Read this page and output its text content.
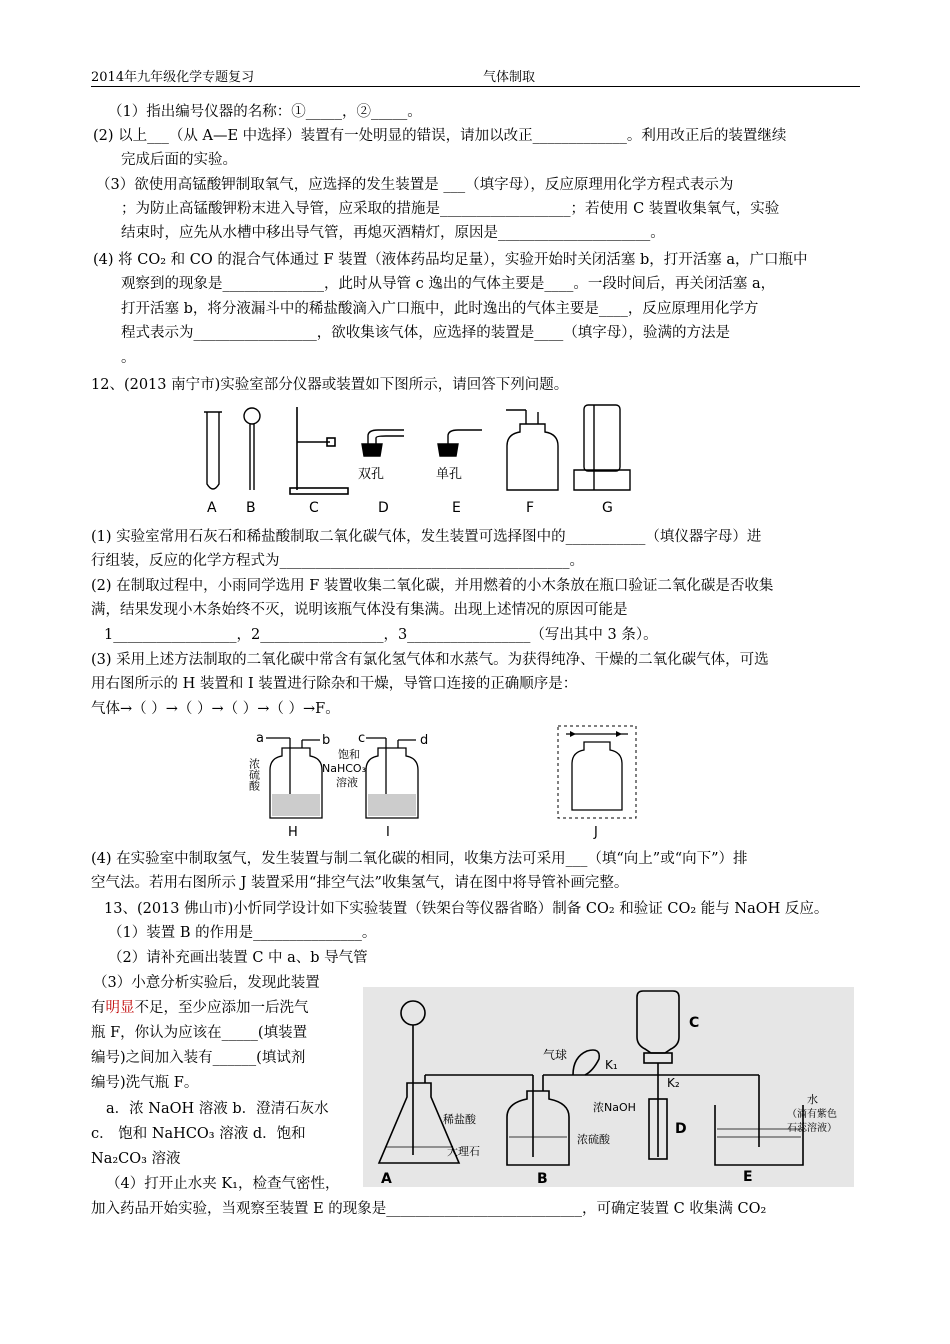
2014年九年级化学专题复习	气体制取
（1）指出编号仪器的名称：①_____，②_____。
(2) 以上___（从 A—E 中选择）装置有一处明显的错误，请加以改正_____________。利用改正后的装置继续
完成后面的实验。
（3）欲使用高锰酸钾制取氧气，应选择的发生装置是 ___（填字母），反应原理用化学方程式表示为
；为防止高锰酸钾粉末进入导管，应采取的措施是__________________；若使用 C 装置收集氧气，实验
结束时，应先从水槽中移出导气管，再熄灭酒精灯，原因是_____________________。
(4) 将 CO₂ 和 CO 的混合气体通过 F 装置（液体药品均足量），实验开始时关闭活塞 b，打开活塞 a，广口瓶中
观察到的现象是______________，此时从导管 c 逸出的气体主要是____。一段时间后，再关闭活塞 a，
打开活塞 b，将分液漏斗中的稀盐酸滴入广口瓶中，此时逸出的气体主要是____，反应原理用化学方
程式表示为_________________，欲收集该气体，应选择的装置是____（填字母），验满的方法是
。
12、(2013 南宁市)实验室部分仪器或装置如下图所示，请回答下列问题。
A B	C	D	E	F	G
双孔	单孔
(1) 实验室常用石灰石和稀盐酸制取二氧化碳气体，发生装置可选择图中的___________（填仪器字母）进
行组装，反应的化学方程式为________________________________________。
(2) 在制取过程中，小雨同学选用 F 装置收集二氧化碳，并用燃着的小木条放在瓶口验证二氧化碳是否收集
满，结果发现小木条始终不灭，说明该瓶气体没有集满。出现上述情况的原因可能是
1_________________，2_________________，3_________________（写出其中 3 条）。
(3) 采用上述方法制取的二氧化碳中常含有氯化氢气体和水蒸气。为获得纯净、干燥的二氧化碳气体，可选
用右图所示的 H 装置和 I 装置进行除杂和干燥，导管口连接的正确顺序是：
气体→（ ）→（ ）→（ ）→（ ）→F。
a	b c	d
浓硫酸
饱和
NaHCO₃
溶液
H	I	J
(4) 在实验室中制取氢气，发生装置与制二氧化碳的相同，收集方法可采用___（填“向上”或“向下”）排
空气法。若用右图所示 J 装置采用“排空气法”收集氢气，请在图中将导管补画完整。
13、(2013 佛山市)小忻同学设计如下实验装置（铁架台等仪器省略）制备 CO₂ 和验证 CO₂ 能与 NaOH 反应。
（1）装置 B 的作用是_______________。
（2）请补充画出装置 C 中 a、b 导气管
（3）小意分析实验后，发现此装置
有明显不足，至少应添加一后洗气
瓶 F，你认为应该在_____(填装置
编号)之间加入装有______(填试剂
编号)洗气瓶 F。
a．浓 NaOH 溶液 b．澄清石灰水
c． 饱和 NaHCO₃ 溶液 d．饱和
Na₂CO₃ 溶液
（4）打开止水夹 K₁，检查气密性，
加入药品开始实验，当观察至装置 E 的现象是___________________________，可确定装置 C 收集满 CO₂
A	B
C
D
E
气球
K₁
K₂
浓NaOH
稀盐酸
大理石
浓硫酸
水
（滴有紫色
石蕊溶液）
